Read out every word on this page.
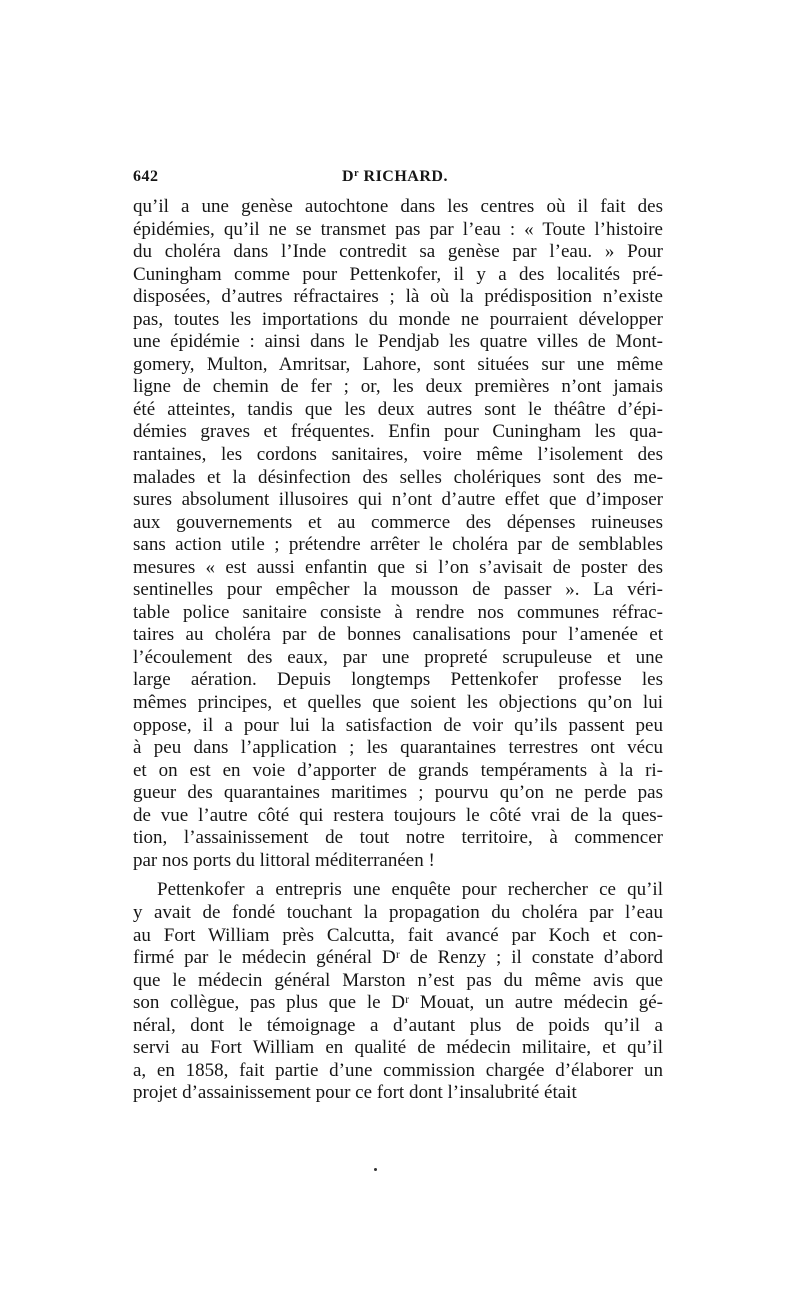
642	$D^r$ RICHARD.
qu’il a une genèse autochtone dans les centres où il fait des
épidémies, qu’il ne se transmet pas par l’eau : « Toute l’histoire
du choléra dans l’Inde contredit sa genèse par l’eau. » Pour
Cuningham comme pour Pettenkofer, il y a des localités pré-
disposées, d’autres réfractaires ; là où la prédisposition n’existe
pas, toutes les importations du monde ne pourraient développer
une épidémie : ainsi dans le Pendjab les quatre villes de Mont-
gomery, Multon, Amritsar, Lahore, sont situées sur une même
ligne de chemin de fer ; or, les deux premières n’ont jamais
été atteintes, tandis que les deux autres sont le théâtre d’épi-
démies graves et fréquentes. Enfin pour Cuningham les qua-
rantaines, les cordons sanitaires, voire même l’isolement des
malades et la désinfection des selles cholériques sont des me-
sures absolument illusoires qui n’ont d’autre effet que d’imposer
aux gouvernements et au commerce des dépenses ruineuses
sans action utile ; prétendre arrêter le choléra par de semblables
mesures « est aussi enfantin que si l’on s’avisait de poster des
sentinelles pour empêcher la mousson de passer ». La véri-
table police sanitaire consiste à rendre nos communes réfrac-
taires au choléra par de bonnes canalisations pour l’amenée et
l’écoulement des eaux, par une propreté scrupuleuse et une
large aération. Depuis longtemps Pettenkofer professe les
mêmes principes, et quelles que soient les objections qu’on lui
oppose, il a pour lui la satisfaction de voir qu’ils passent peu
à peu dans l’application ; les quarantaines terrestres ont vécu
et on est en voie d’apporter de grands tempéraments à la ri-
gueur des quarantaines maritimes ; pourvu qu’on ne perde pas
de vue l’autre côté qui restera toujours le côté vrai de la ques-
tion, l’assainissement de tout notre territoire, à commencer
par nos ports du littoral méditerranéen !
Pettenkofer a entrepris une enquête pour rechercher ce qu’il
y avait de fondé touchant la propagation du choléra par l’eau
au Fort William près Calcutta, fait avancé par Koch et con-
firmé par le médecin général Dʳ de Renzy ; il constate d’abord
que le médecin général Marston n’est pas du même avis que
son collègue, pas plus que le Dʳ Mouat, un autre médecin gé-
néral, dont le témoignage a d’autant plus de poids qu’il a
servi au Fort William en qualité de médecin militaire, et qu’il
a, en 1858, fait partie d’une commission chargée d’élaborer un
projet d’assainissement pour ce fort dont l’insalubrité était
